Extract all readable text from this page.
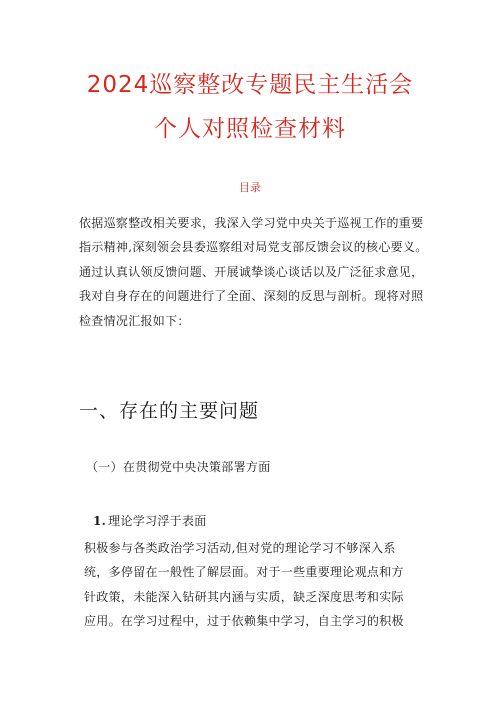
2024巡察整改专题民主生活会
个人对照检查材料
目录

依据巡察整改相关要求，我深入学习党中央关于巡视工作的重要

指示精神,深刻领会县委巡察组对局党支部反馈会议的核心要义。

通过认真认领反馈问题、开展诚挚谈心谈话以及广泛征求意见，

我对自身存在的问题进行了全面、深刻的反思与剖析。现将对照

检查情况汇报如下：

一、存在的主要问题
（一）在贯彻党中央决策部署方面
1. 理论学习浮于表面

积极参与各类政治学习活动,但对党的理论学习不够深入系

统，多停留在一般性了解层面。对于一些重要理论观点和方

针政策，未能深入钻研其内涵与实质，缺乏深度思考和实际

应用。在学习过程中，过于依赖集中学习，自主学习的积极
